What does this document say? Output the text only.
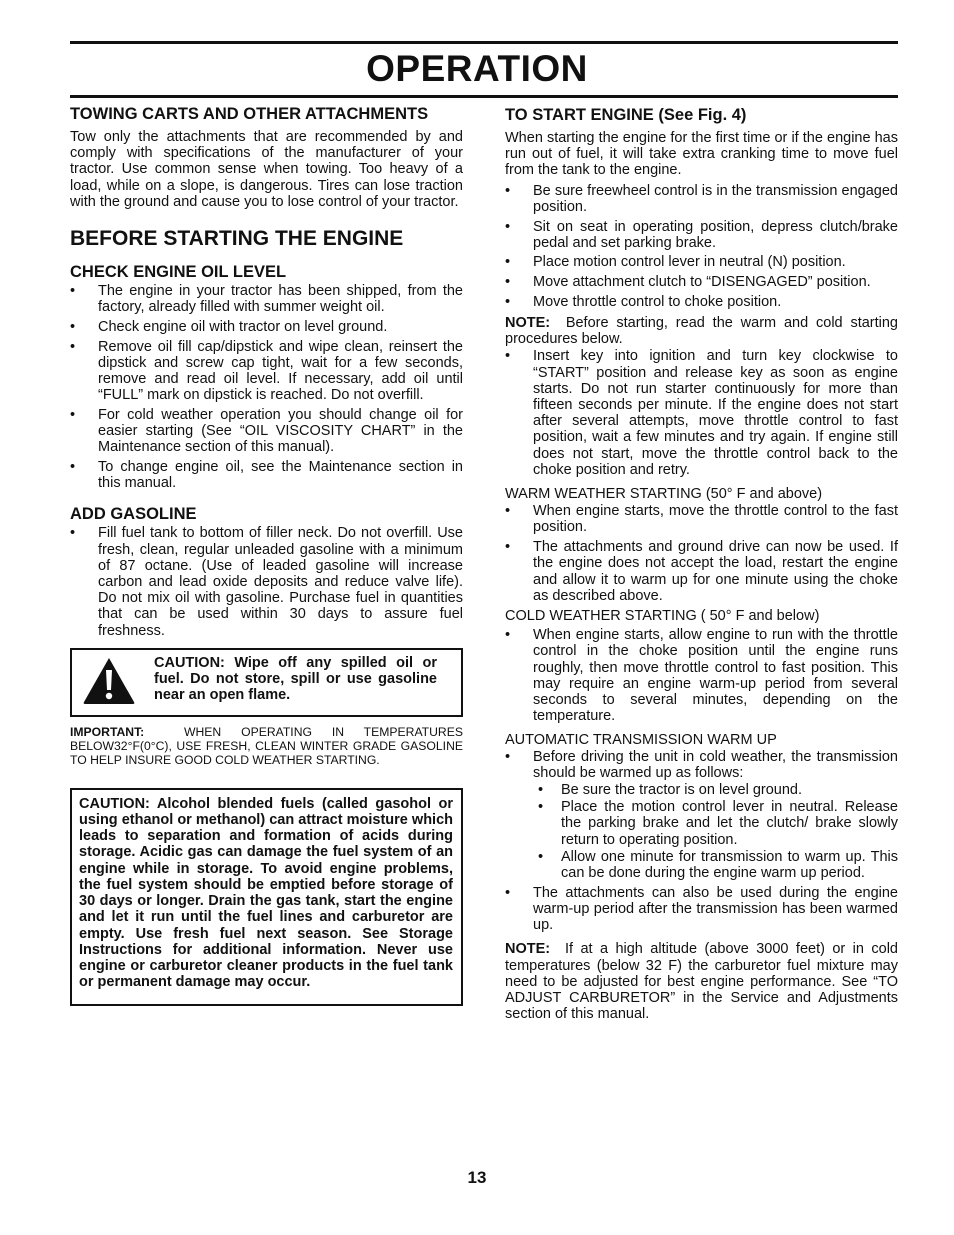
OPERATION
TOWING CARTS AND OTHER ATTACHMENTS

Tow only the attachments that are recommended by and comply with specifications of the manufacturer of your tractor. Use common sense when towing. Too heavy of a load, while on a slope, is dangerous. Tires can lose traction with the ground and cause you to lose control of your tractor.

BEFORE STARTING THE ENGINE
CHECK ENGINE OIL LEVEL
• The engine in your tractor has been shipped, from the factory, already filled with summer weight oil.
• Check engine oil with tractor on level ground.
• Remove oil fill cap/dipstick and wipe clean, reinsert the dipstick and screw cap tight, wait for a few seconds, remove and read oil level. If necessary, add oil until “FULL” mark on dipstick is reached. Do not overfill.
• For cold weather operation you should change oil for easier starting (See “OIL VISCOSITY CHART” in the Maintenance section of this manual).
• To change engine oil, see the Maintenance section in this manual.
ADD GASOLINE
• Fill fuel tank to bottom of filler neck. Do not overfill. Use fresh, clean, regular unleaded gasoline with a minimum of 87 octane. (Use of leaded gasoline will increase carbon and lead oxide deposits and reduce valve life). Do not mix oil with gasoline. Purchase fuel in quantities that can be used within 30 days to assure fuel freshness.

CAUTION: Wipe off any spilled oil or fuel. Do not store, spill or use gasoline near an open flame.

IMPORTANT:	WHEN OPERATING IN TEMPERATURES BELOW32°F(0°C), USE FRESH, CLEAN WINTER GRADE GASOLINE TO HELP INSURE GOOD COLD WEATHER STARTING.

CAUTION: Alcohol blended fuels (called gasohol or using ethanol or methanol) can attract moisture which leads to separation and formation of acids during storage. Acidic gas can damage the fuel system of an engine while in storage. To avoid engine problems, the fuel system should be emptied before storage of 30 days or longer. Drain the gas tank, start the engine and let it run until the fuel lines and carburetor are empty. Use fresh fuel next season. See Storage Instructions for additional information. Never use engine or carburetor cleaner products in the fuel tank or permanent damage may occur.

TO START ENGINE (See Fig. 4)

When starting the engine for the first time or if the engine has run out of fuel, it will take extra cranking time to move fuel from the tank to the engine.

• Be sure freewheel control is in the transmission engaged position.
• Sit on seat in operating position, depress clutch/brake pedal and set parking brake.
• Place motion control lever in neutral (N) position.
• Move attachment clutch to “DISENGAGED” position.
• Move throttle control to choke position.

NOTE: Before starting, read the warm and cold starting procedures below.

• Insert key into ignition and turn key clockwise to “START” position and release key as soon as engine starts. Do not run starter continuously for more than fifteen seconds per minute. If the engine does not start after several attempts, move throttle control to fast position, wait a few minutes and try again. If engine still does not start, move the throttle control back to the choke position and retry.

WARM WEATHER STARTING (50° F and above)

• When engine starts, move the throttle control to the fast position.
• The attachments and ground drive can now be used. If the engine does not accept the load, restart the engine and allow it to warm up for one minute using the choke as described above.

COLD WEATHER STARTING ( 50° F and below)

• When engine starts, allow engine to run with the throttle control in the choke position until the engine runs roughly, then move throttle control to fast position. This may require an engine warm-up period from several seconds to several minutes, depending on the temperature.

AUTOMATIC TRANSMISSION WARM UP

• Before driving the unit in cold weather, the transmission should be warmed up as follows:
• Be sure the tractor is on level ground.
• Place the motion control lever in neutral. Release the parking brake and let the clutch/ brake slowly return to operating position.
• Allow one minute for transmission to warm up. This can be done during the engine warm up period.
• The attachments can also be used during the engine warm-up period after the transmission has been warmed up.

NOTE: If at a high altitude (above 3000 feet) or in cold temperatures (below 32 F) the carburetor fuel mixture may need to be adjusted for best engine performance. See “TO ADJUST CARBURETOR” in the Service and Adjustments section of this manual.

13
